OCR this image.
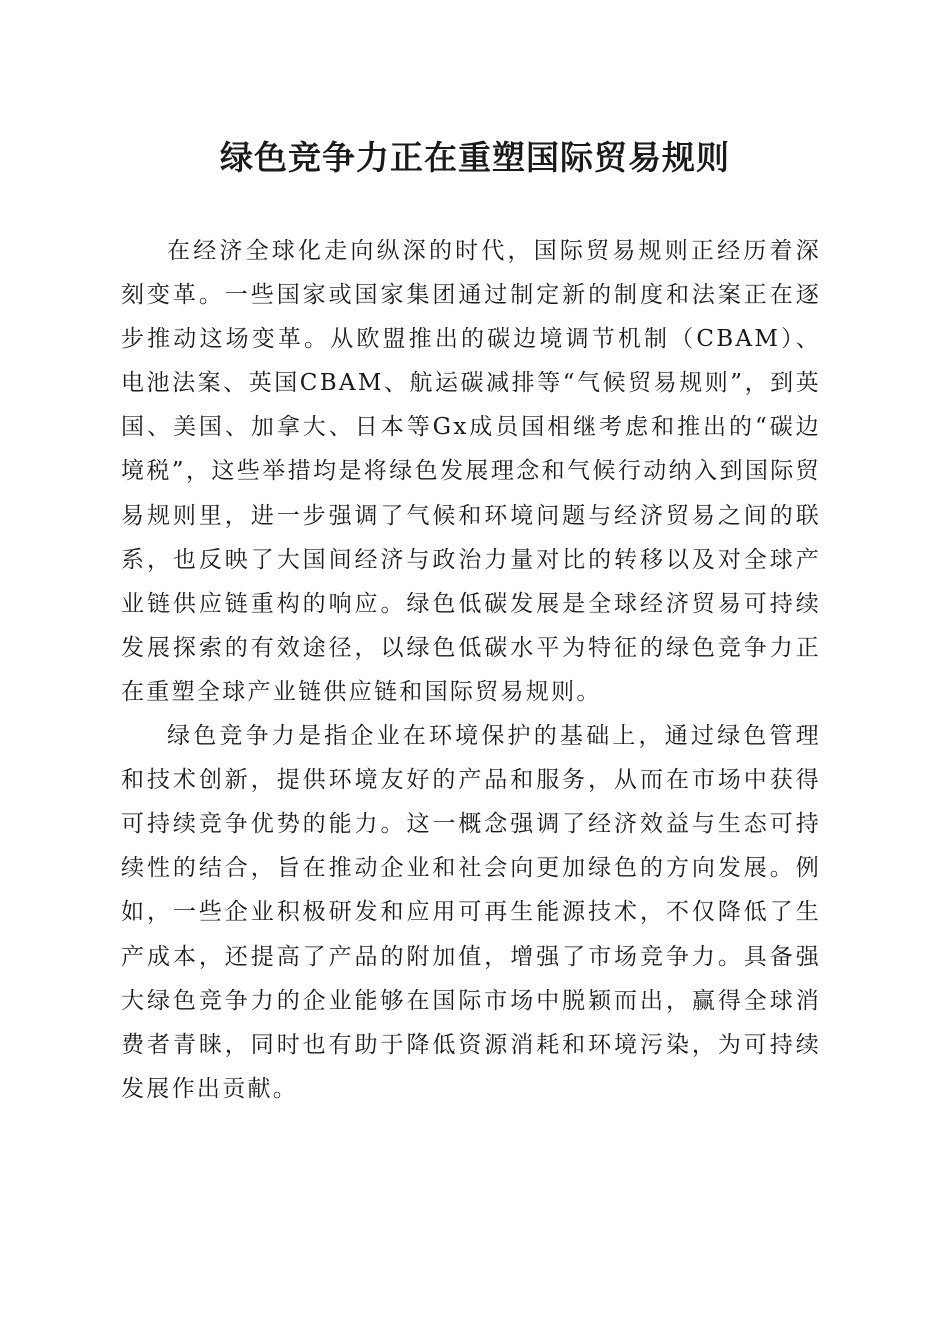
绿色竞争力正在重塑国际贸易规则

在经济全球化走向纵深的时代，国际贸易规则正经历着深刻变革。一些国家或国家集团通过制定新的制度和法案正在逐步推动这场变革。从欧盟推出的碳边境调节机制（CBAM）、电池法案、英国CBAM、航运碳减排等“气候贸易规则”，到英国、美国、加拿大、日本等Gx成员国相继考虑和推出的“碳边境税”，这些举措均是将绿色发展理念和气候行动纳入到国际贸易规则里，进一步强调了气候和环境问题与经济贸易之间的联系，也反映了大国间经济与政治力量对比的转移以及对全球产业链供应链重构的响应。绿色低碳发展是全球经济贸易可持续发展探索的有效途径，以绿色低碳水平为特征的绿色竞争力正在重塑全球产业链供应链和国际贸易规则。

绿色竞争力是指企业在环境保护的基础上，通过绿色管理和技术创新，提供环境友好的产品和服务，从而在市场中获得可持续竞争优势的能力。这一概念强调了经济效益与生态可持续性的结合，旨在推动企业和社会向更加绿色的方向发展。例如，一些企业积极研发和应用可再生能源技术，不仅降低了生产成本，还提高了产品的附加值，增强了市场竞争力。具备强大绿色竞争力的企业能够在国际市场中脱颖而出，赢得全球消费者青睐，同时也有助于降低资源消耗和环境污染，为可持续发展作出贡献。
